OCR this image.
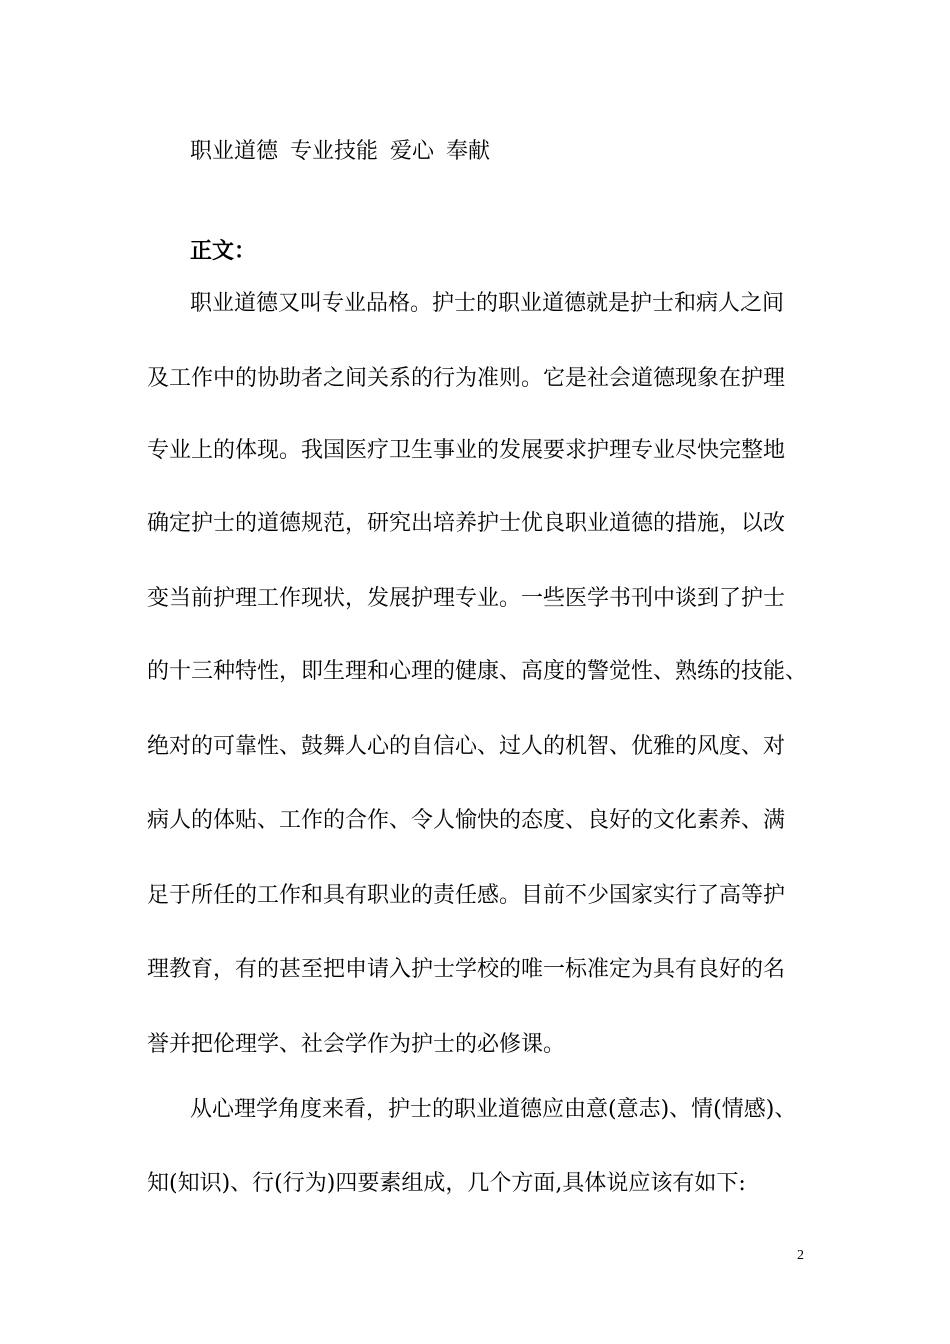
职业道德 专业技能 爱心 奉献
正文：
职业道德又叫专业品格。护士的职业道德就是护士和病人之间
及工作中的协助者之间关系的行为准则。它是社会道德现象在护理
专业上的体现。我国医疗卫生事业的发展要求护理专业尽快完整地
确定护士的道德规范，研究出培养护士优良职业道德的措施，以改
变当前护理工作现状，发展护理专业。一些医学书刊中谈到了护士
的十三种特性，即生理和心理的健康、高度的警觉性、熟练的技能、
绝对的可靠性、鼓舞人心的自信心、过人的机智、优雅的风度、对
病人的体贴、工作的合作、令人愉快的态度、良好的文化素养、满
足于所任的工作和具有职业的责任感。目前不少国家实行了高等护
理教育，有的甚至把申请入护士学校的唯一标准定为具有良好的名
誉并把伦理学、社会学作为护士的必修课。
从心理学角度来看，护士的职业道德应由意(意志)、情(情感)、
知(知识)、行(行为)四要素组成，几个方面,具体说应该有如下:
2
